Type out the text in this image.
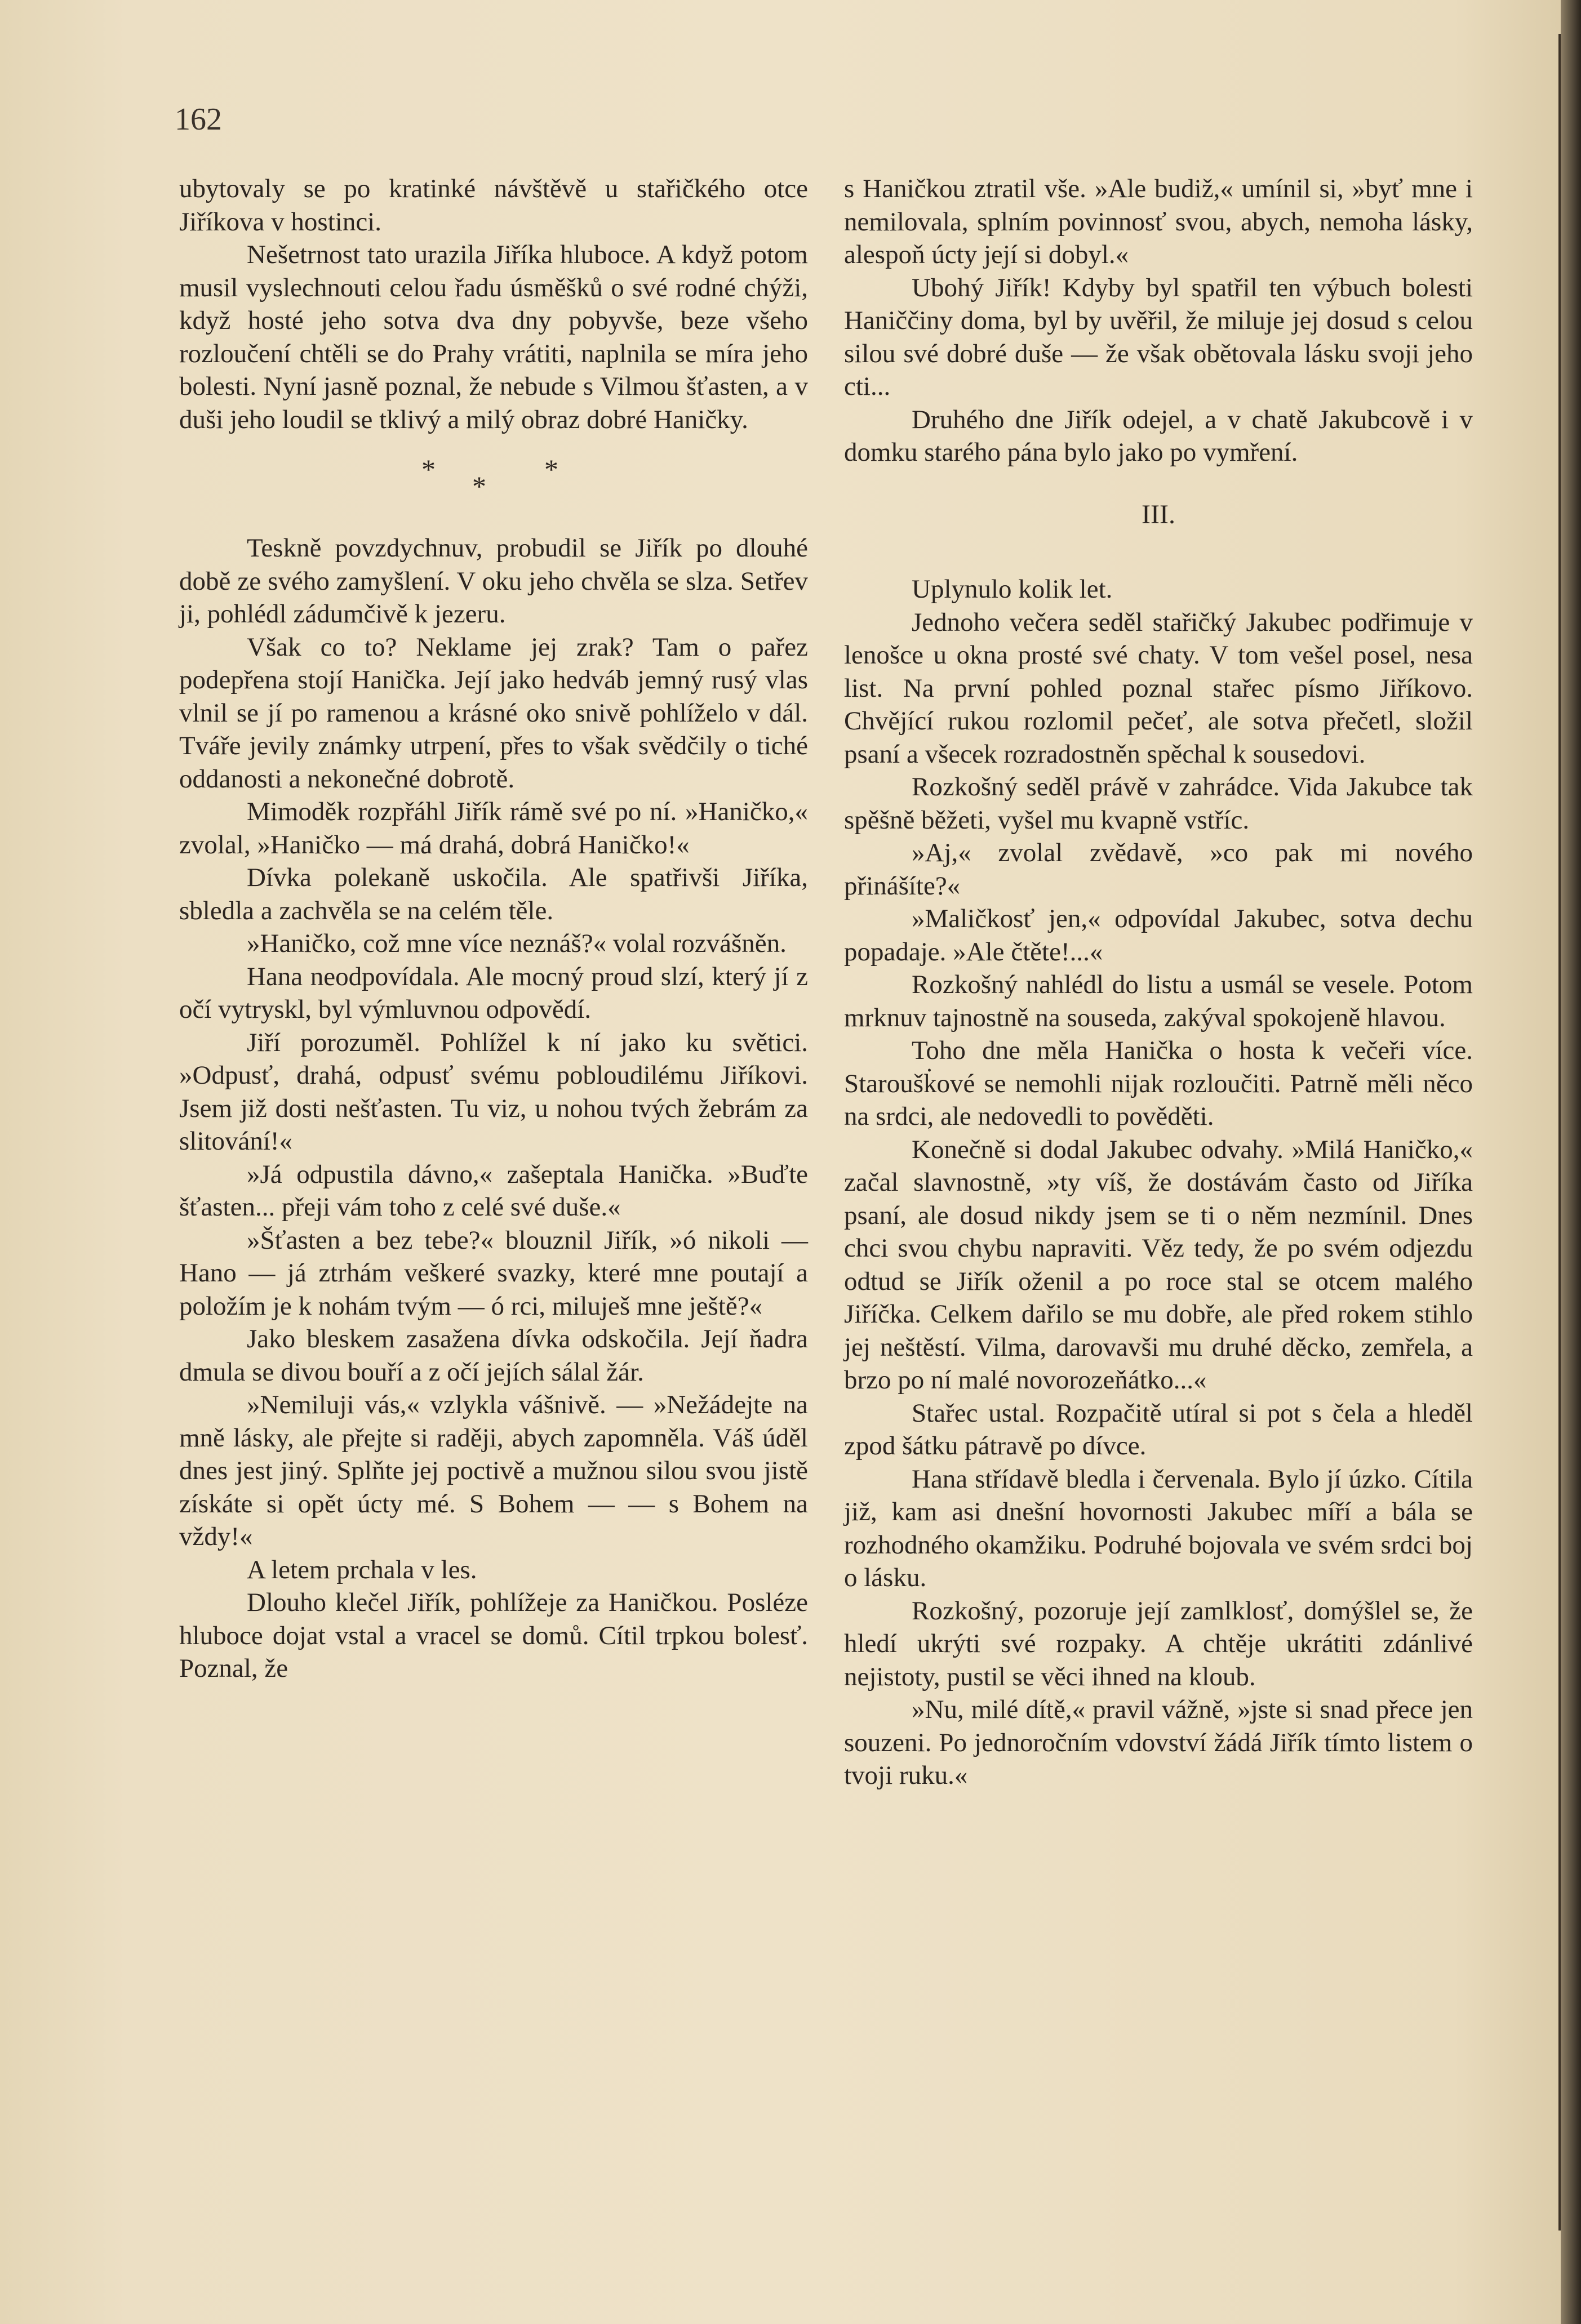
162

ubytovaly se po kratinké návštěvě u stařičkého otce Jiříkova v hostinci.

Nešetrnost tato urazila Jiříka hluboce. A když potom musil vyslechnouti celou řadu úsměšků o své rodné chýži, když hosté jeho sotva dva dny pobyvše, beze všeho rozloučení chtěli se do Prahy vrátiti, naplnila se míra jeho bolesti. Nyní jasně poznal, že nebude s Vilmou šťasten, a v duši jeho loudil se tklivý a milý obraz dobré Haničky.

*
*
*

Teskně povzdychnuv, probudil se Jiřík po dlouhé době ze svého zamyšlení. V oku jeho chvěla se slza. Setřev ji, pohlédl zádumčivě k jezeru.

Však co to? Neklame jej zrak? Tam o pařez podepřena stojí Hanička. Její jako hedváb jemný rusý vlas vlnil se jí po ramenou a krásné oko snivě pohlíželo v dál. Tváře jevily známky utrpení, přes to však svědčily o tiché oddanosti a nekonečné dobrotě.

Mimoděk rozpřáhl Jiřík rámě své po ní. »Haničko,« zvolal, »Haničko — má drahá, dobrá Haničko!«

Dívka polekaně uskočila. Ale spatřivši Jiříka, sbledla a zachvěla se na celém těle.

»Haničko, což mne více neznáš?« volal rozvášněn.

Hana neodpovídala. Ale mocný proud slzí, který jí z očí vytryskl, byl výmluvnou odpovědí.

Jiří porozuměl. Pohlížel k ní jako ku světici. »Odpusť, drahá, odpusť svému pobloudilému Jiříkovi. Jsem již dosti nešťasten. Tu viz, u nohou tvých žebrám za slitování!«

»Já odpustila dávno,« zašeptala Hanička. »Buďte šťasten... přeji vám toho z celé své duše.«

»Šťasten a bez tebe?« blouznil Jiřík, »ó nikoli — Hano — já ztrhám veškeré svazky, které mne poutají a položím je k nohám tvým — ó rci, miluješ mne ještě?«

Jako bleskem zasažena dívka odskočila. Její ňadra dmula se divou bouří a z očí jejích sálal žár.

»Nemiluji vás,« vzlykla vášnivě. — »Nežádejte na mně lásky, ale přejte si raději, abych zapomněla. Váš úděl dnes jest jiný. Splňte jej poctivě a mužnou silou svou jistě získáte si opět úcty mé. S Bohem — — s Bohem na vždy!«

A letem prchala v les.

Dlouho klečel Jiřík, pohlížeje za Haničkou. Posléze hluboce dojat vstal a vracel se domů. Cítil trpkou bolesť. Poznal, že

s Haničkou ztratil vše. »Ale budiž,« umínil si, »byť mne i nemilovala, splním povinnosť svou, abych, nemoha lásky, alespoň úcty její si dobyl.«

Ubohý Jiřík! Kdyby byl spatřil ten výbuch bolesti Haniččiny doma, byl by uvěřil, že miluje jej dosud s celou silou své dobré duše — že však obětovala lásku svoji jeho cti...

Druhého dne Jiřík odejel, a v chatě Jakubcově i v domku starého pána bylo jako po vymření.

III.

Uplynulo kolik let.

Jednoho večera seděl stařičký Jakubec podřimuje v lenošce u okna prosté své chaty. V tom vešel posel, nesa list. Na první pohled poznal stařec písmo Jiříkovo. Chvějící rukou rozlomil pečeť, ale sotva přečetl, složil psaní a všecek rozradostněn spěchal k sousedovi.

Rozkošný seděl právě v zahrádce. Vida Jakubce tak spěšně běžeti, vyšel mu kvapně vstříc.

»Aj,« zvolal zvědavě, »co pak mi nového přinášíte?«

»Maličkosť jen,« odpovídal Jakubec, sotva dechu popadaje. »Ale čtěte!...«

Rozkošný nahlédl do listu a usmál se vesele. Potom mrknuv tajnostně na souseda, zakýval spokojeně hlavou.

Toho dne měla Hanička o hosta k večeři více. Staroušk̇ové se nemohli nijak rozloučiti. Patrně měli něco na srdci, ale nedovedli to pověděti.

Konečně si dodal Jakubec odvahy. »Milá Haničko,« začal slavnostně, »ty víš, že dostávám často od Jiříka psaní, ale dosud nikdy jsem se ti o něm nezmínil. Dnes chci svou chybu napraviti. Věz tedy, že po svém odjezdu odtud se Jiřík oženil a po roce stal se otcem malého Jiříčka. Celkem dařilo se mu dobře, ale před rokem stihlo jej neštěstí. Vilma, darovavši mu druhé děcko, zemřela, a brzo po ní malé novorozeňátko...«

Stařec ustal. Rozpačitě utíral si pot s čela a hleděl zpod šátku pátravě po dívce.

Hana střídavě bledla i červenala. Bylo jí úzko. Cítila již, kam asi dnešní hovornosti Jakubec míří a bála se rozhodného okamžiku. Podruhé bojovala ve svém srdci boj o lásku.

Rozkošný, pozoruje její zamlklosť, domýšlel se, že hledí ukrýti své rozpaky. A chtěje ukrátiti zdánlivé nejistoty, pustil se věci ihned na kloub.

»Nu, milé dítě,« pravil vážně, »jste si snad přece jen souzeni. Po jednoročním vdovství žádá Jiřík tímto listem o tvoji ruku.«
